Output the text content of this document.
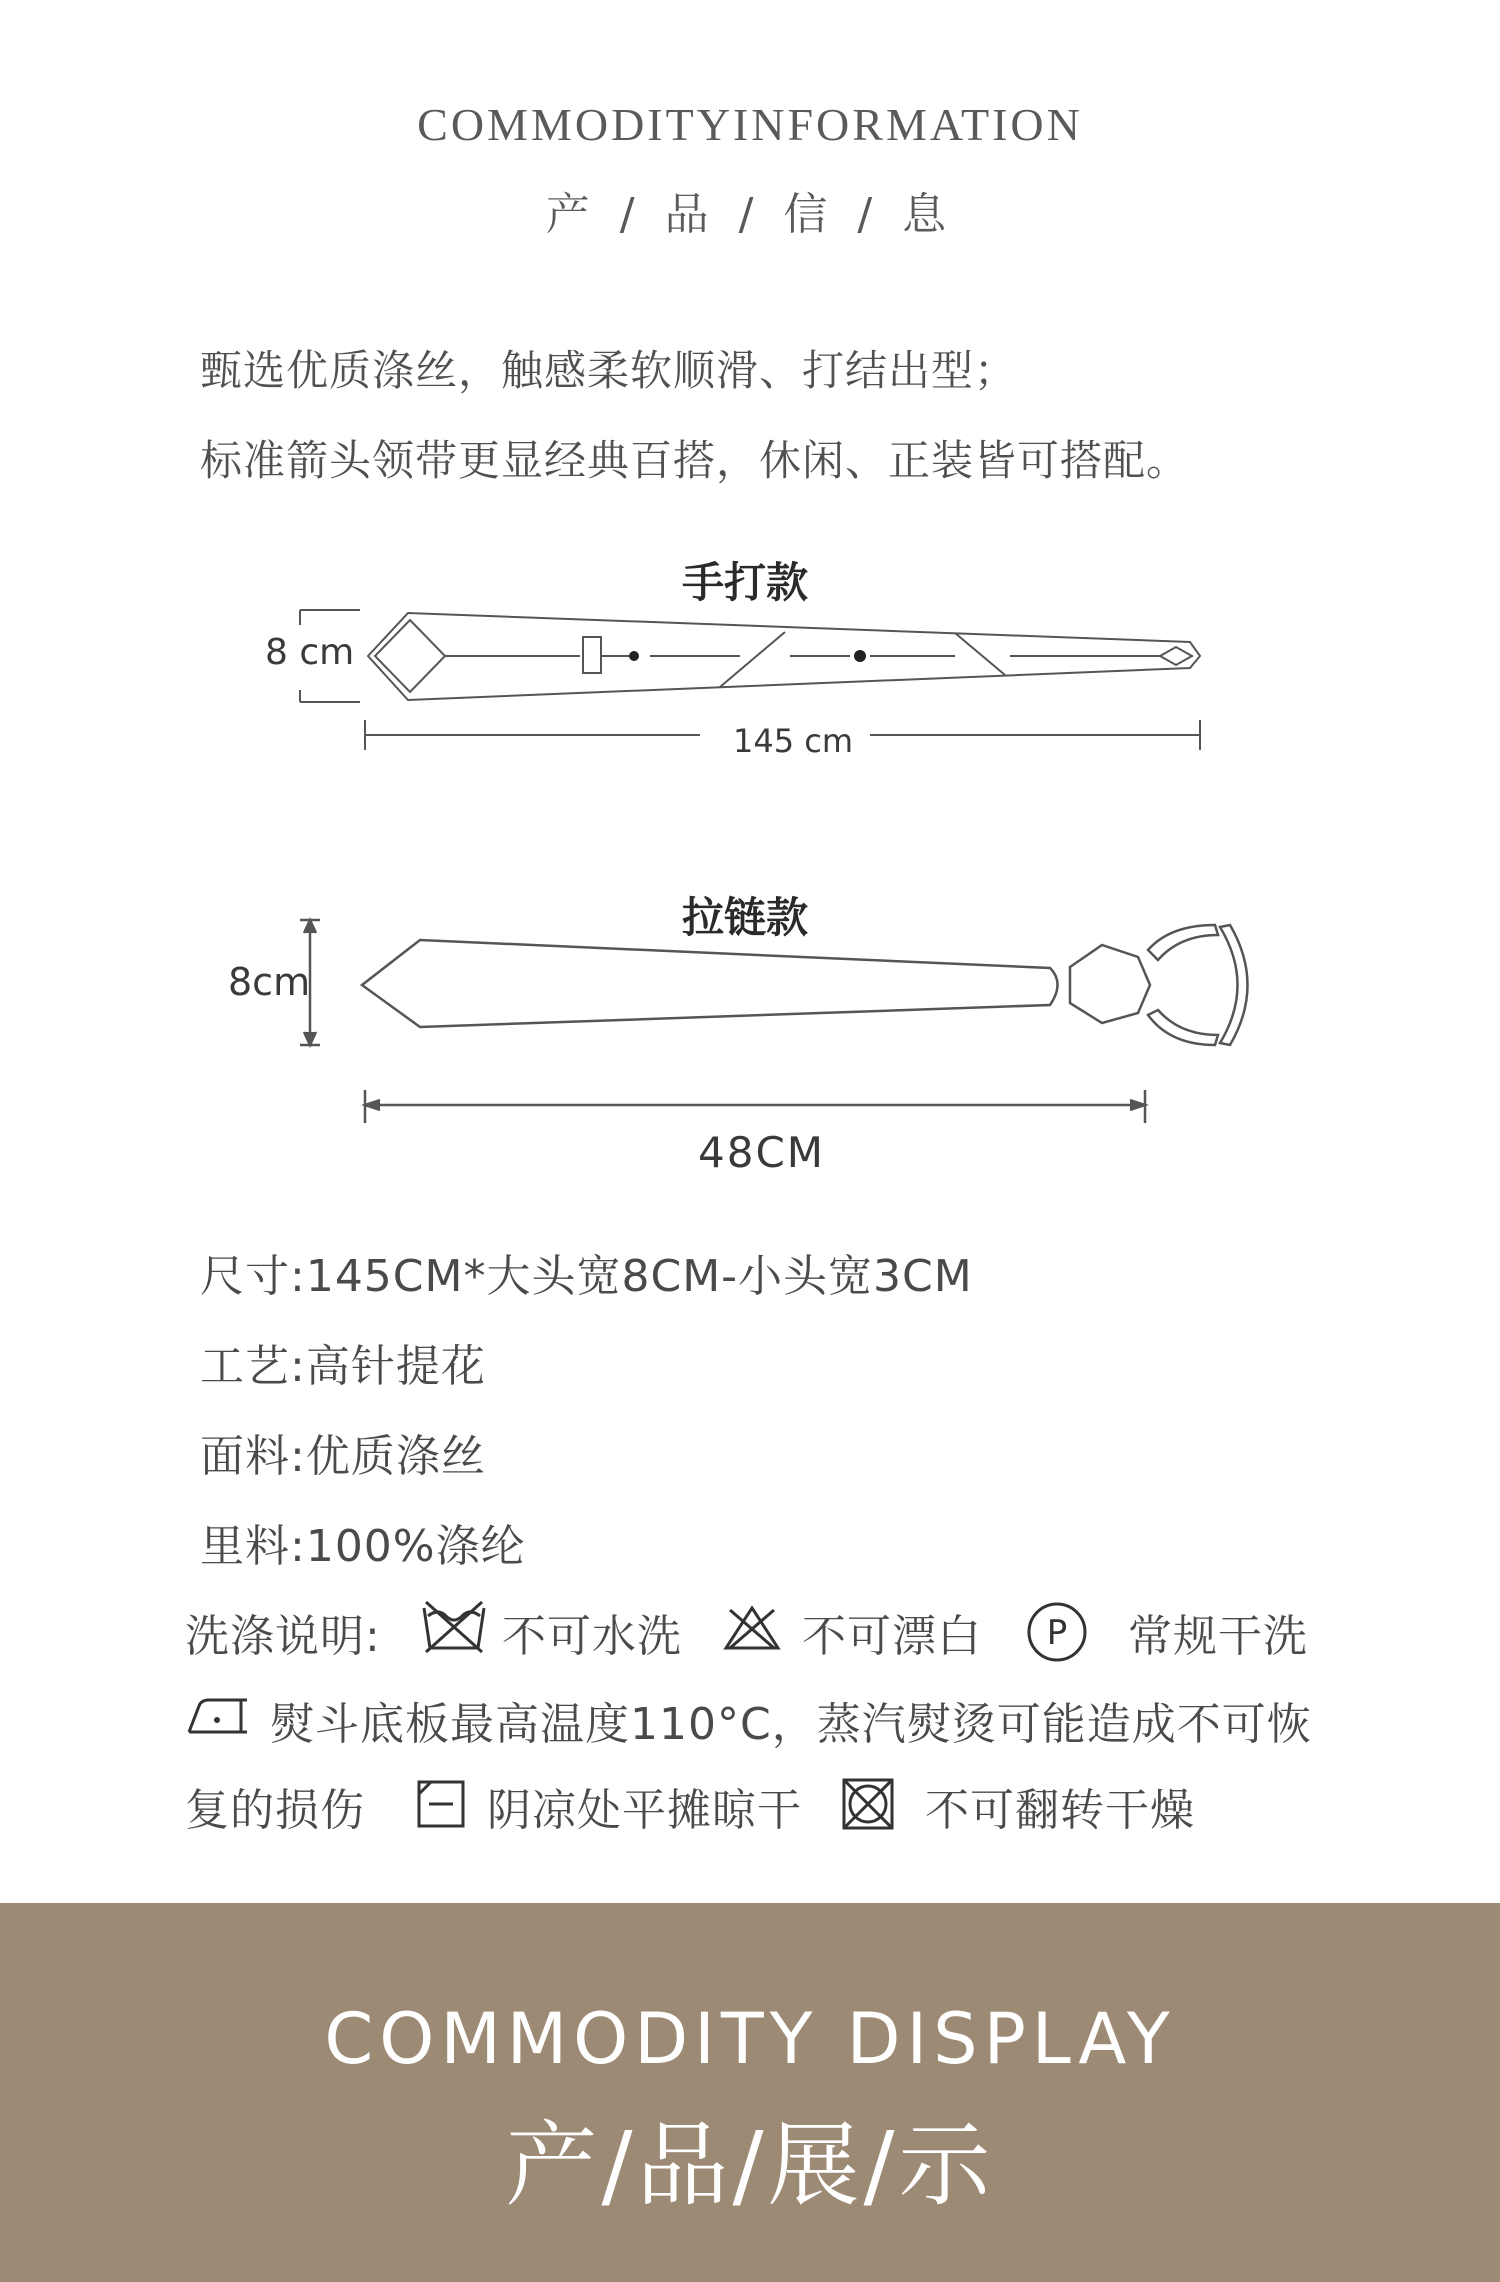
COMMODITYINFORMATION
产 / 品 / 信 / 息
甄选优质涤丝，触感柔软顺滑、打结出型；
标准箭头领带更显经典百搭，休闲、正装皆可搭配。
手打款
8 cm
145 cm
拉链款
8cm
48CM
尺寸:145CM*大头宽8CM-小头宽3CM
工艺:高针提花
面料:优质涤丝
里料:100%涤纶
洗涤说明:	不可水洗	不可漂白 P 常规干洗
熨斗底板最高温度110°C，蒸汽熨烫可能造成不可恢
复的损伤	阴凉处平摊晾干	不可翻转干燥
COMMODITY DISPLAY
产/品/展/示
